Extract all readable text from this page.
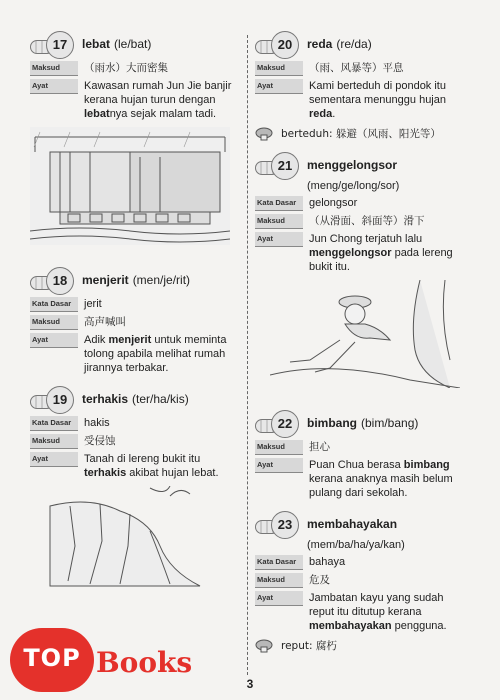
17	lebat (le/bat)
Maksud	（雨水）大而密集
Ayat	Kawasan rumah Jun Jie banjir kerana hujan turun dengan lebatnya sejak malam tadi.
18	menjerit (men/je/rit)
Kata Dasar	jerit
Maksud	高声喊叫
Ayat	Adik menjerit untuk meminta tolong apabila melihat rumah jirannya terbakar.
19	terhakis (ter/ha/kis)
Kata Dasar	hakis
Maksud	受侵蚀
Ayat	Tanah di lereng bukit itu terhakis akibat hujan lebat.
20	reda (re/da)
Maksud	（雨、风暴等）平息
Ayat	Kami berteduh di pondok itu sementara menunggu hujan reda.
berteduh: 躲避（风雨、阳光等）
21	menggelongsor
(meng/ge/long/sor)
Kata Dasar	gelongsor
Maksud	（从滑面、斜面等）滑下
Ayat	Jun Chong terjatuh lalu menggelongsor pada lereng bukit itu.
22	bimbang (bim/bang)
Maksud	担心
Ayat	Puan Chua berasa bimbang kerana anaknya masih belum pulang dari sekolah.
23	membahayakan
(mem/ba/ha/ya/kan)
Kata Dasar	bahaya
Maksud	危及
Ayat	Jambatan kayu yang sudah reput itu ditutup kerana membahayakan pengguna.
reput: 腐朽
3
TOP Books
